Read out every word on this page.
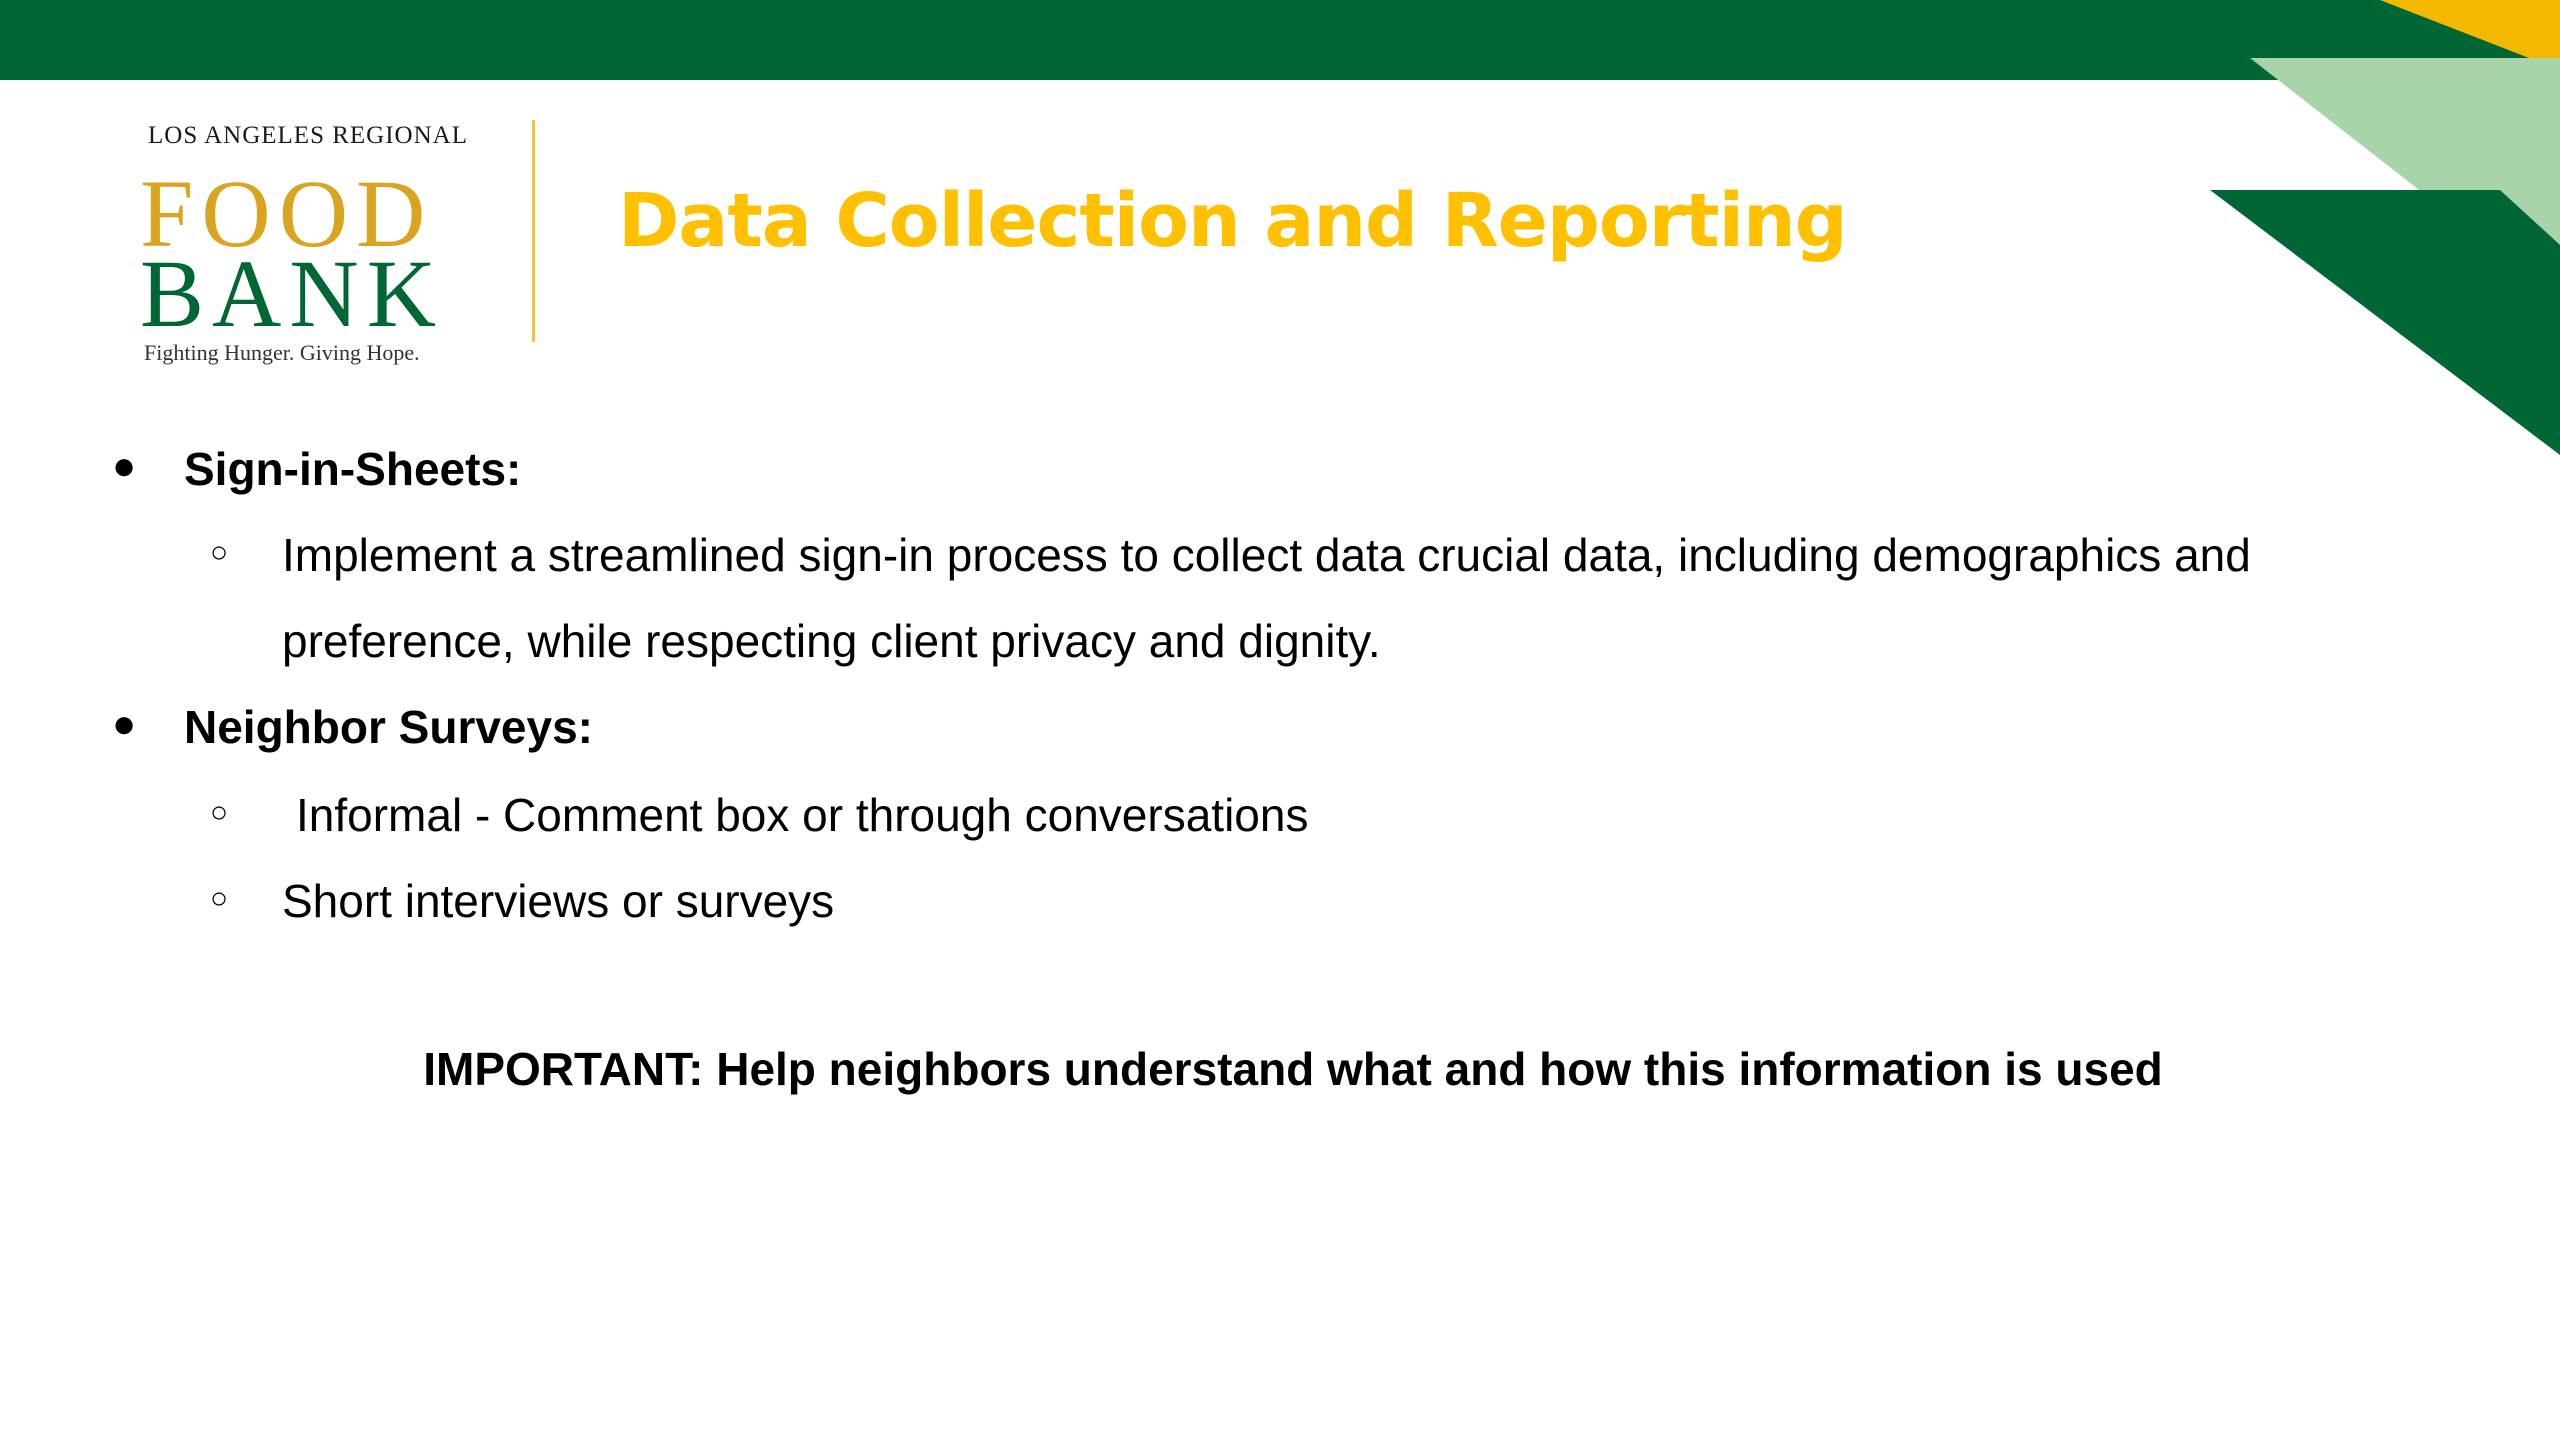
LOS ANGELES REGIONAL
FOOD
BANK
Fighting Hunger. Giving Hope.
Data Collection and Reporting
● Sign-in-Sheets:
○ Implement a streamlined sign-in process to collect data crucial data, including demographics and
preference, while respecting client privacy and dignity.
● Neighbor Surveys:
○ Informal - Comment box or through conversations
○ Short interviews or surveys
IMPORTANT: Help neighbors understand what and how this information is used
